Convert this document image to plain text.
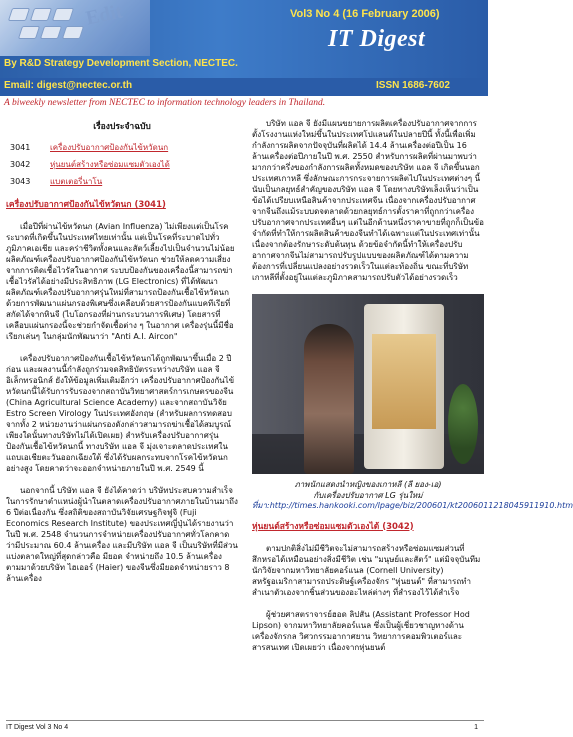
Edit	Vol3 No 4 (16 February 2006)
IT Digest
By R&D Strategy Development Section, NECTEC.
Email: digest@nectec.or.th	ISSN 1686-7602
A biweekly newsletter from NECTEC to information technology leaders in Thailand.
เรื่องประจำฉบับ
3041	เครื่องปรับอากาศป้องกันไข้หวัดนก
3042	หุ่นยนต์สร้างหรือซ่อมแซมตัวเองได้
3043	แบตเตอรี่นาโน
เครื่องปรับอากาศป้องกันไข้หวัดนก (3041)

เมื่อปีที่ผ่านไข้หวัดนก (Avian Influenza) ไม่เพียงแต่เป็นโรคระบาดที่เกิดขึ้นในประเทศไทยเท่านั้น แต่เป็นโรคที่ระบาดไปทั่วภูมิภาคเอเชีย และคร่าชีวิตทั้งคนและสัตว์เลี้ยงไปเป็นจำนวนไม่น้อย ผลิตภัณฑ์เครื่องปรับอากาศป้องกันไข้หวัดนก ช่วยให้ลดความเสี่ยงจากการติดเชื้อไวรัสในอากาศ ระบบป้องกันของเครื่องนี้สามารถฆ่าเชื้อไวรัสได้อย่างมีประสิทธิภาพ (LG Electronics) ที่ได้พัฒนาผลิตภัณฑ์เครื่องปรับอากาศรุ่นใหม่ที่สามารถป้องกันเชื้อไข้หวัดนกด้วยการพัฒนาแผ่นกรองพิเศษซึ่งเคลือบด้วยสารป้องกันแบคทีเรียที่สกัดได้จากหินจี (ไบโอกรองที่ผ่านกระบวนการพิเศษ) โดยสารที่เคลือบแผ่นกรองนี้จะช่วยกำจัดเชื้อต่าง ๆ ในอากาศ เครื่องรุ่นนี้มีชื่อเรียกเล่นๆ ในกลุ่มนักพัฒนาว่า "Anti A.I. Aircon"

เครื่องปรับอากาศป้องกันเชื้อไข้หวัดนกได้ถูกพัฒนาขึ้นเมื่อ 2 ปีก่อน และผลงานนี้กำลังถูกร่วมจดสิทธิบัตรระหว่างบริษัท แอล จี อิเล็กทรอนิกส์ ยังให้ข้อมูลเพิ่มเติมอีกว่า เครื่องปรับอากาศป้องกันไข้หวัดนกนี้ได้รับการรับรองจากสถาบันวิทยาศาสตร์การเกษตรของจีน (China Agricultural Science Academy) และจากสถาบันวิจัย Estro Screen Virology ในประเทศอังกฤษ (สำหรับผลการทดสอบจากทั้ง 2 หน่วยงานว่าแผ่นกรองดังกล่าวสามารถฆ่าเชื้อได้สมบูรณ์เพียงใดนั้นทางบริษัทไม่ได้เปิดเผย) สำหรับเครื่องปรับอากาศรุ่นป้องกันเชื้อไข้หวัดนกนี้ ทางบริษัท แอล จี มุ่งเจาะตลาดประเทศในแถบเอเชียตะวันออกเฉียงใต้ ซึ่งได้รับผลกระทบจากโรคไข้หวัดนกอย่างสูง โดยคาดว่าจะออกจำหน่ายภายในปี พ.ศ. 2549 นี้

นอกจากนี้ บริษัท แอล จี ยังได้คาดว่า บริษัทประสบความสำเร็จในการรักษาตำแหน่งผู้นำในตลาดเครื่องปรับอากาศภายในบ้านมาถึง 6 ปีต่อเนื่องกัน ซึ่งสถิติของสถาบันวิจัยเศรษฐกิจฟูจิ (Fuji Economics Research Institute) ของประเทศญี่ปุ่นได้รายงานว่า ในปี พ.ศ. 2548 จำนวนการจำหน่ายเครื่องปรับอากาศทั่วโลกคาดว่ามีประมาณ 60.4 ล้านเครื่อง และมีบริษัท แอล จี เป็นบริษัทที่มีส่วนแบ่งตลาดใหญ่ที่สุดกล่าวคือ มียอด จำหน่ายถึง 10.5 ล้านเครื่อง ตามมาด้วยบริษัท ไฮเออร์ (Haier) ของจีนซึ่งมียอดจำหน่ายราว 8 ล้านเครื่อง

บริษัท แอล จี ยังมีแผนขยายการผลิตเครื่องปรับอากาศจากการตั้งโรงงานแห่งใหม่ขึ้นในประเทศโปแลนด์ในปลายปีนี้ ทั้งนี้เพื่อเพิ่มกำลังการผลิตจากปัจจุบันที่ผลิตได้ 14.4 ล้านเครื่องต่อปีเป็น 16 ล้านเครื่องต่อปีภายในปี พ.ศ. 2550 สำหรับการผลิตที่ผ่านมาพบว่า มากกว่าครึ่งของกำลังการผลิตทั้งหมดของบริษัท แอล จี เกิดขึ้นนอกประเทศเกาหลี ซึ่งลักษณะการกระจายการผลิตไปในประเทศต่างๆ นี้นับเป็นกลยุทธ์สำคัญของบริษัท แอล จี โดยทางบริษัทเล็งเห็นว่าเป็นข้อได้เปรียบเหนือสินค้าจากประเทศจีน เนื่องจากเครื่องปรับอากาศจากจีนถึงแม้ระบบดจตลาดด้วยกลยุทธ์การตั้งราคาที่ถูกกว่าเครื่องปรับอากาศจากประเทศอื่นๆ แต่ในอีกด้านหนึ่งราคาขายที่ถูกก็เป็นข้อจำกัดที่ทำให้การผลิตสินค้าของจีนทำได้เฉพาะแต่ในประเทศเท่านั้น เนื่องจากต้องรักษาระดับต้นทุน ด้วยข้อจำกัดนี้ทำให้เครื่องปรับอากาศจากจีนไม่สามารถปรับรูปแบบของผลิตภัณฑ์ได้ตามความต้องการที่เปลี่ยนแปลงอย่างรวดเร็วในแต่ละท้องถิ่น ขณะที่บริษัทเกาหลีที่ตั้งอยู่ในแต่ละภูมิภาคสามารถปรับตัวได้อย่างรวดเร็ว

ภาพนักแสดงนำหญิงของเกาหลี (ลี ยอง-เอ)
กับเครื่องปรับอากาศ LG รุ่นใหม่
ที่มา:http://times.hankooki.com/lpage/biz/200601/kt2006011218045911910.htm
หุ่นยนต์สร้างหรือซ่อมแซมตัวเองได้ (3042)

ตามปกติสิ่งไม่มีชีวิตจะไม่สามารถสร้างหรือซ่อมแซมส่วนที่สึกหรอได้เหมือนอย่างสิ่งมีชีวิต เช่น "มนุษย์และสัตว์" แต่มิจจุบันทีมนักวิจัยจากมหาวิทยาลัยคอร์แนล (Cornell University) สหรัฐอเมริกาสามารถประดิษฐ์เครื่องจักร "หุ่นยนต์" ที่สามารถทำสำเนาตัวเองจากชิ้นส่วนของอะไหล่ต่างๆ ที่สำรองไว้ได้สำเร็จ

ผู้ช่วยศาสตราจารย์ฮอด ลิปสัน (Assistant Professor Hod Lipson) จากมหาวิทยาลัยคอร์แนล ซึ่งเป็นผู้เชี่ยวชาญทางด้านเครื่องจักรกล วิศวกรรมอากาศยาน วิทยาการคอมพิวเตอร์และสารสนเทศ เปิดเผยว่า เนื่องจากหุ่นยนต์

IT Digest Vol 3 No 4	1
